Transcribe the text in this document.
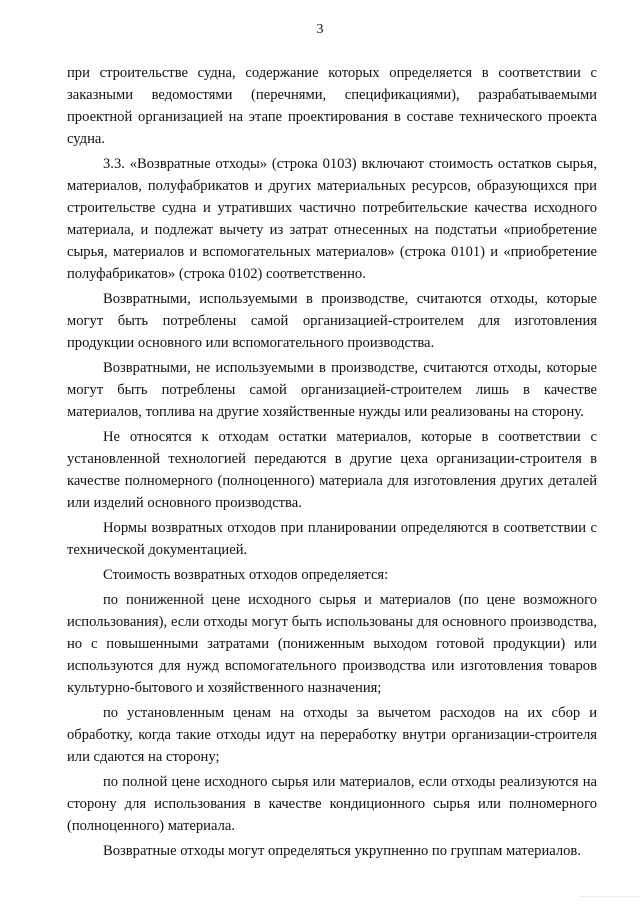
3

при строительстве судна, содержание которых определяется в соответствии с заказными ведомостями (перечнями, спецификациями), разрабатываемыми проектной организацией на этапе проектирования в составе технического проекта судна.

3.3. «Возвратные отходы» (строка 0103) включают стоимость остатков сырья, материалов, полуфабрикатов и других материальных ресурсов, образующихся при строительстве судна и утративших частично потребительские качества исходного материала, и подлежат вычету из затрат отнесенных на подстатьи «приобретение сырья, материалов и вспомогательных материалов» (строка 0101) и «приобретение полуфабрикатов» (строка 0102) соответственно.

Возвратными, используемыми в производстве, считаются отходы, которые могут быть потреблены самой организацией-строителем для изготовления продукции основного или вспомогательного производства.

Возвратными, не используемыми в производстве, считаются отходы, которые могут быть потреблены самой организацией-строителем лишь в качестве материалов, топлива на другие хозяйственные нужды или реализованы на сторону.

Не относятся к отходам остатки материалов, которые в соответствии с установленной технологией передаются в другие цеха организации-строителя в качестве полномерного (полноценного) материала для изготовления других деталей или изделий основного производства.

Нормы возвратных отходов при планировании определяются в соответствии с технической документацией.

Стоимость возвратных отходов определяется:

по пониженной цене исходного сырья и материалов (по цене возможного использования), если отходы могут быть использованы для основного производства, но с повышенными затратами (пониженным выходом готовой продукции) или используются для нужд вспомогательного производства или изготовления товаров культурно-бытового и хозяйственного назначения;

по установленным ценам на отходы за вычетом расходов на их сбор и обработку, когда такие отходы идут на переработку внутри организации-строителя или сдаются на сторону;

по полной цене исходного сырья или материалов, если отходы реализуются на сторону для использования в качестве кондиционного сырья или полномерного (полноценного) материала.

Возвратные отходы могут определяться укрупненно по группам материалов.
